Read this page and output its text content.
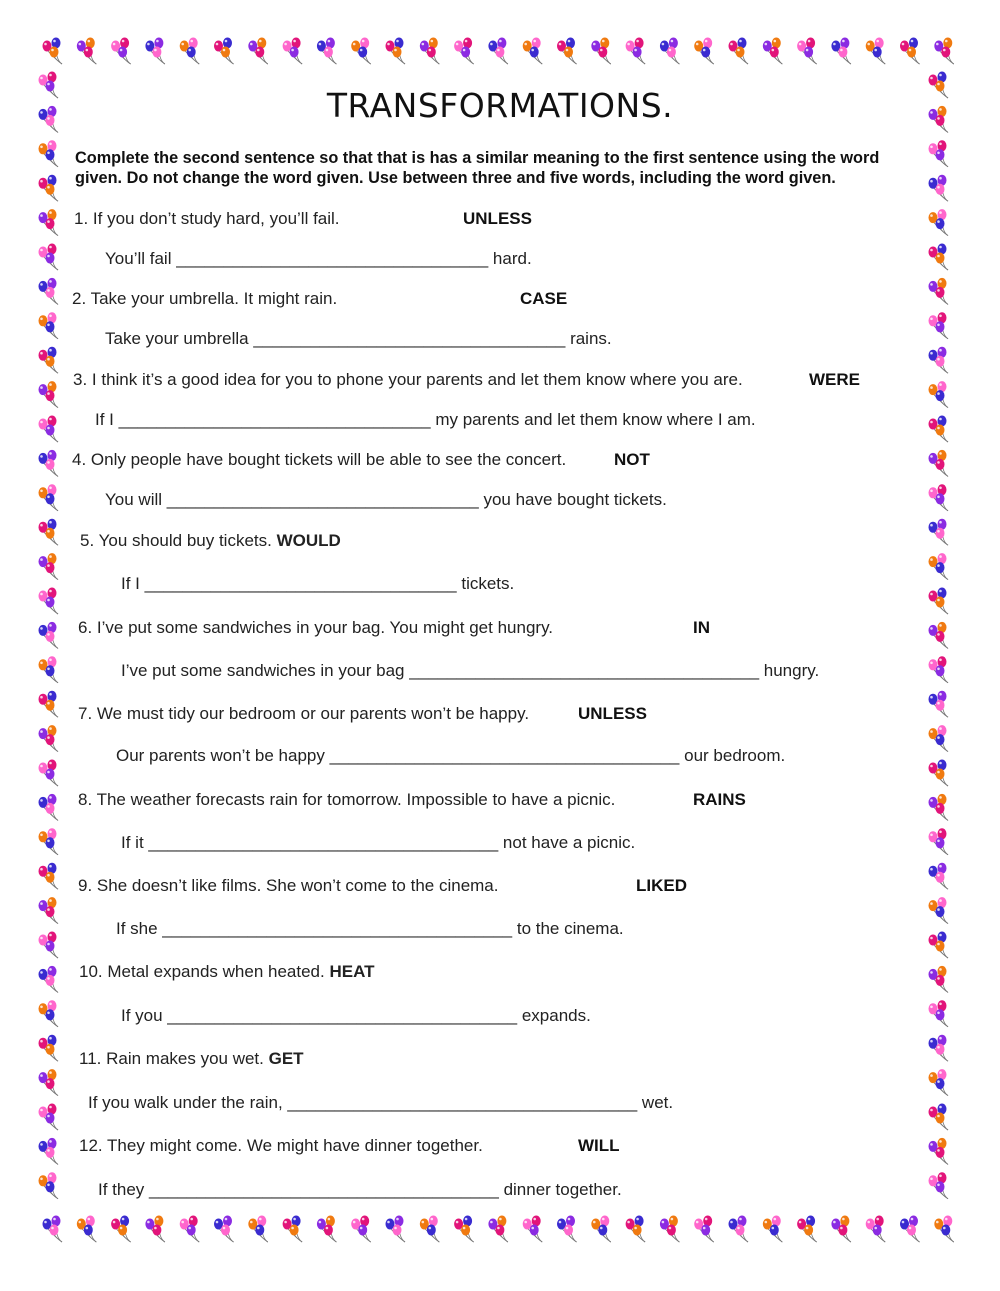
TRANSFORMATIONS.
Complete the second sentence so that that is has a similar meaning to the first sentence using the word given. Do not change the word given. Use between three and five words, including the word given.
1. If you don’t study hard, you’ll fail.	UNLESS
You’ll fail _________________________________ hard.
2. Take your umbrella. It might rain.	CASE
Take your umbrella _________________________________ rains.
3. I think it’s a good idea for you to phone your parents and let them know where you are.	WERE
If I _________________________________ my parents and let them know where I am.
4. Only people have bought tickets will be able to see the concert.	NOT
You will _________________________________ you have bought tickets.
5. You should buy tickets. WOULD
If I _________________________________ tickets.
6. I’ve put some sandwiches in your bag. You might get hungry.	IN
I’ve put some sandwiches in your bag _____________________________________ hungry.
7. We must tidy our bedroom or our parents won’t be happy.	UNLESS
Our parents won’t be happy _____________________________________ our bedroom.
8. The weather forecasts rain for tomorrow. Impossible to have a picnic.	RAINS
If it _____________________________________ not have a picnic.
9. She doesn’t like films. She won’t come to the cinema.	LIKED
If she _____________________________________ to the cinema.
10. Metal expands when heated. HEAT
If you _____________________________________ expands.
11. Rain makes you wet. GET
If you walk under the rain, _____________________________________ wet.
12. They might come. We might have dinner together.	WILL
If they _____________________________________ dinner together.
